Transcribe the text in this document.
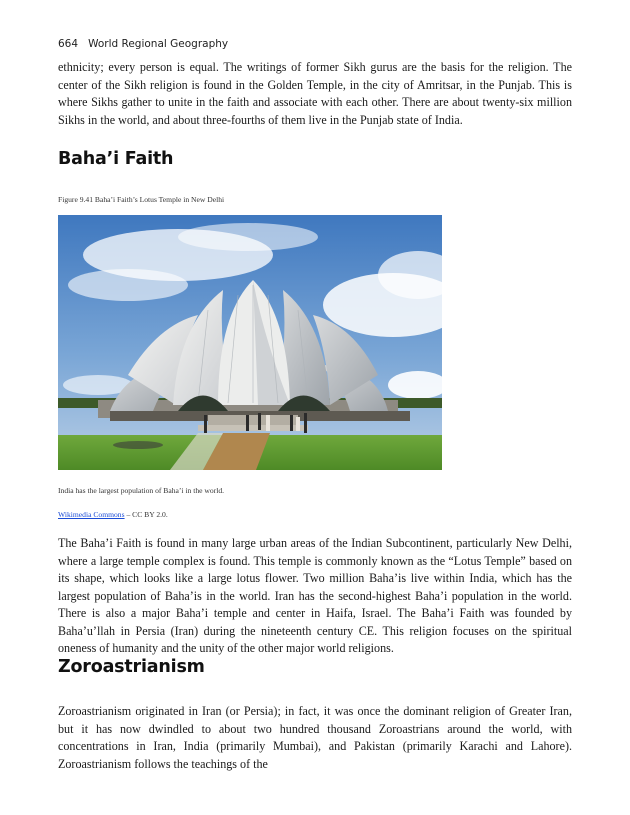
664 World Regional Geography

ethnicity; every person is equal. The writings of former Sikh gurus are the basis for the religion. The center of the Sikh religion is found in the Golden Temple, in the city of Amritsar, in the Punjab. This is where Sikhs gather to unite in the faith and associate with each other. There are about twenty-six million Sikhs in the world, and about three-fourths of them live in the Punjab state of India.

Baha’i Faith
Figure 9.41 Baha’i Faith’s Lotus Temple in New Delhi
India has the largest population of Baha’i in the world.
Wikimedia Commons – CC BY 2.0.

The Baha’i Faith is found in many large urban areas of the Indian Subcontinent, particularly New Delhi, where a large temple complex is found. This temple is commonly known as the “Lotus Temple” based on its shape, which looks like a large lotus flower. Two million Baha’is live within India, which has the largest population of Baha’is in the world. Iran has the second-highest Baha’i population in the world. There is also a major Baha’i temple and center in Haifa, Israel. The Baha’i Faith was founded by Baha’u’llah in Persia (Iran) during the nineteenth century CE. This religion focuses on the spiritual oneness of humanity and the unity of the other major world religions.

Zoroastrianism

Zoroastrianism originated in Iran (or Persia); in fact, it was once the dominant religion of Greater Iran, but it has now dwindled to about two hundred thousand Zoroastrians around the world, with concentrations in Iran, India (primarily Mumbai), and Pakistan (primarily Karachi and Lahore). Zoroastrianism follows the teachings of the
